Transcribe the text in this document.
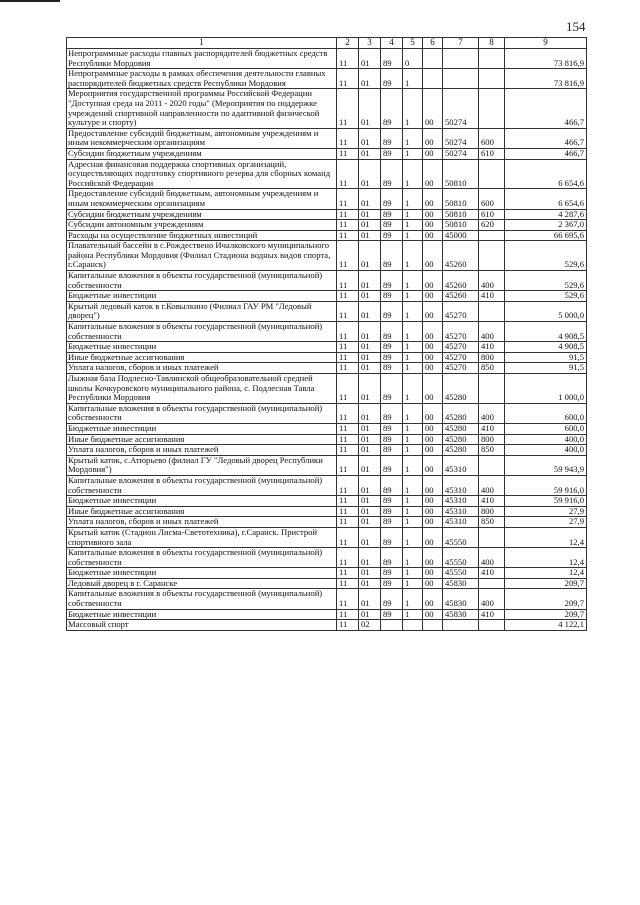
154
1	2	3	4	5	6	7	8	9
Непрограммные расходы главных распорядителей бюджетных средств Республики Мордовия	11	01	89	0				73 816,9
Непрограммные расходы в рамках обеспечения деятельности главных распорядителей бюджетных средств Республики Мордовия	11	01	89	1				73 816,9
Мероприятия государственной программы Российской Федерации "Доступная среда на 2011 - 2020 годы" (Мероприятия по поддержке учреждений спортивной направленности по адаптивной физической культуре и спорту)	11	01	89	1	00	50274		466,7
Предоставление субсидий бюджетным, автономным учреждениям и иным некоммерческим организациям	11	01	89	1	00	50274	600	466,7
Субсидии бюджетным учреждениям	11	01	89	1	00	50274	610	466,7
Адресная финансовая поддержка спортивных организаций, осуществляющих подготовку спортивного резерва для сборных команд Российской Федерации	11	01	89	1	00	50810		6 654,6
Предоставление субсидий бюджетным, автономным учреждениям и иным некоммерческим организациям	11	01	89	1	00	50810	600	6 654,6
Субсидии бюджетным учреждениям	11	01	89	1	00	50810	610	4 287,6
Субсидии автономным учреждениям	11	01	89	1	00	50810	620	2 367,0
Расходы на осуществление бюджетных инвестиций	11	01	89	1	00	45000		66 695,6
Плавательный бассейн в с.Рождествено Ичалковского муниципального района Республики Мордовия (Филиал Стадиона водных видов спорта, г.Саранск)	11	01	89	1	00	45260		529,6
Капитальные вложения в объекты государственной (муниципальной) собственности	11	01	89	1	00	45260	400	529,6
Бюджетные инвестиции	11	01	89	1	00	45260	410	529,6
Крытый ледовый каток в г.Ковылкино (Филиал ГАУ РМ "Ледовый дворец")	11	01	89	1	00	45270		5 000,0
Капитальные вложения в объекты государственной (муниципальной) собственности	11	01	89	1	00	45270	400	4 908,5
Бюджетные инвестиции	11	01	89	1	00	45270	410	4 908,5
Иные бюджетные ассигнования	11	01	89	1	00	45270	800	91,5
Уплата налогов, сборов и иных платежей	11	01	89	1	00	45270	850	91,5
Лыжная база Подлесно-Тавлинской общеобразовательной средней школы Кочкуровского муниципального района, с. Подлесная Тавла Республики Мордовия	11	01	89	1	00	45280		1 000,0
Капитальные вложения в объекты государственной (муниципальной) собственности	11	01	89	1	00	45280	400	600,0
Бюджетные инвестиции	11	01	89	1	00	45280	410	600,0
Иные бюджетные ассигнования	11	01	89	1	00	45280	800	400,0
Уплата налогов, сборов и иных платежей	11	01	89	1	00	45280	850	400,0
Крытый каток, с.Атюрьево (филиал ГУ "Ледовый дворец Республики Мордовия")	11	01	89	1	00	45310		59 943,9
Капитальные вложения в объекты государственной (муниципальной) собственности	11	01	89	1	00	45310	400	59 916,0
Бюджетные инвестиции	11	01	89	1	00	45310	410	59 916,0
Иные бюджетные ассигнования	11	01	89	1	00	45310	800	27,9
Уплата налогов, сборов и иных платежей	11	01	89	1	00	45310	850	27,9
Крытый каток (Стадион Лисма-Светотехника), г.Саранск. Пристрой спортивного зала	11	01	89	1	00	45550		12,4
Капитальные вложения в объекты государственной (муниципальной) собственности	11	01	89	1	00	45550	400	12,4
Бюджетные инвестиции	11	01	89	1	00	45550	410	12,4
Ледовый дворец в г. Саранске	11	01	89	1	00	45830		209,7
Капитальные вложения в объекты государственной (муниципальной) собственности	11	01	89	1	00	45830	400	209,7
Бюджетные инвестиции	11	01	89	1	00	45830	410	209,7
Массовый спорт	11	02						4 122,1
